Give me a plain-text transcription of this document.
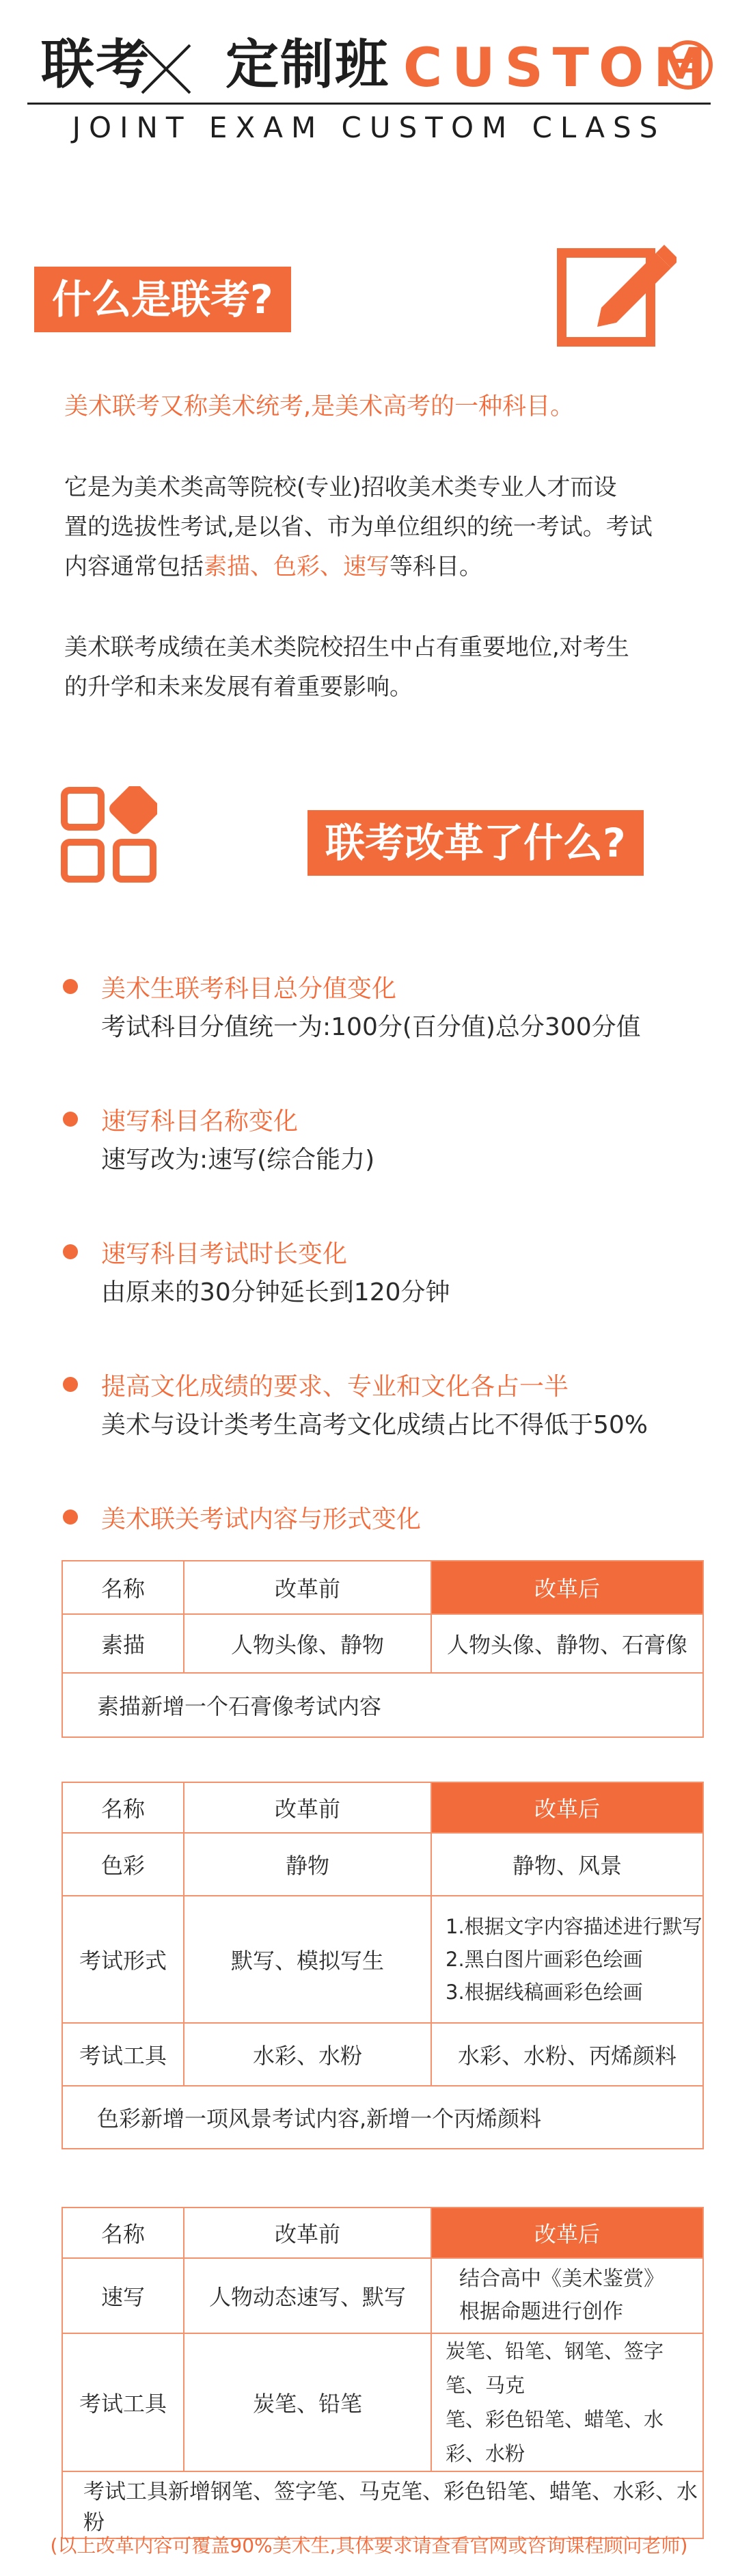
联考 定制班 CUSTOM
JOINT EXAM CUSTOM CLASS
什么是联考?
美术联考又称美术统考,是美术高考的一种科目。
它是为美术类高等院校(专业)招收美术类专业人才而设
置的选拔性考试,是以省、市为单位组织的统一考试。考试
内容通常包括素描、色彩、速写等科目。
美术联考成绩在美术类院校招生中占有重要地位,对考生
的升学和未来发展有着重要影响。
联考改革了什么?
美术生联考科目总分值变化
考试科目分值统一为:100分(百分值)总分300分值
速写科目名称变化
速写改为:速写(综合能力)
速写科目考试时长变化
由原来的30分钟延长到120分钟
提高文化成绩的要求、专业和文化各占一半
美术与设计类考生高考文化成绩占比不得低于50%
美术联关考试内容与形式变化
名称	改革前	改革后
素描	人物头像、静物	人物头像、静物、石膏像
素描新增一个石膏像考试内容		
名称	改革前	改革后
色彩	静物	静物、风景
考试形式	默写、模拟写生	1.根据文字内容描述进行默写
2.黑白图片画彩色绘画
3.根据线稿画彩色绘画

考试工具	水彩、水粉	水彩、水粉、丙烯颜料
色彩新增一项风景考试内容,新增一个丙烯颜料		
名称	改革前	改革后
速写	人物动态速写、默写	结合高中《美术鉴赏》
根据命题进行创作

考试工具	炭笔、铅笔	炭笔、铅笔、钢笔、签字笔、马克
笔、彩色铅笔、蜡笔、水彩、水粉

考试工具新增钢笔、签字笔、马克笔、彩色铅笔、蜡笔、水彩、水粉		
(以上改革内容可覆盖90%美术生,具体要求请查看官网或咨询课程顾问老师)
